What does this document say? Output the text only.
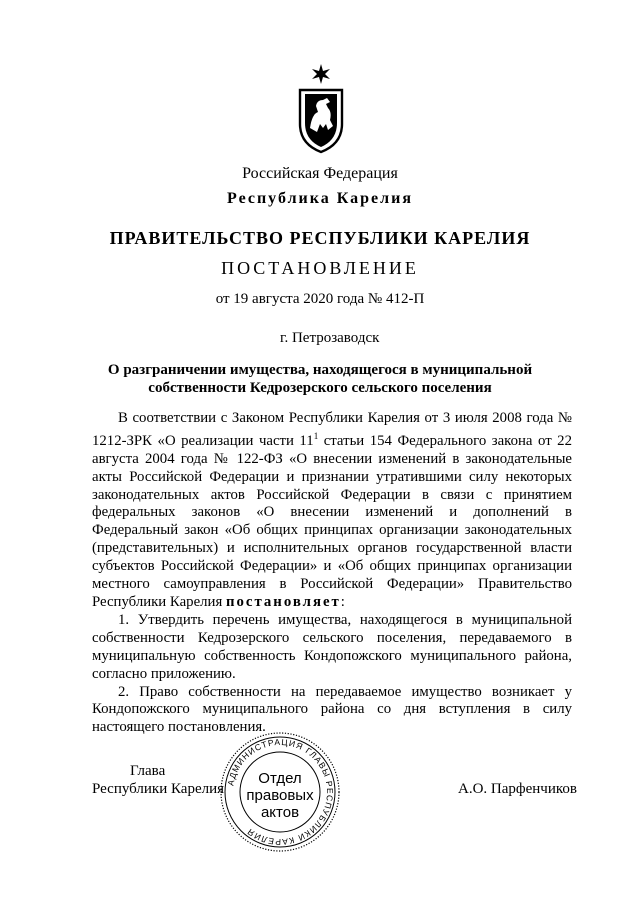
Российская Федерация
Республика Карелия
ПРАВИТЕЛЬСТВО РЕСПУБЛИКИ КАРЕЛИЯ
ПОСТАНОВЛЕНИЕ
от 19 августа 2020 года № 412-П
г. Петрозаводск
О разграничении имущества, находящегося в муниципальной
собственности Кедрозерского сельского поселения

В соответствии с Законом Республики Карелия от 3 июля 2008 года № 1212-ЗРК «О реализации части $11^1$ статьи 154 Федерального закона от 22 августа 2004 года № 122-ФЗ «О внесении изменений в законодательные акты Российской Федерации и признании утратившими силу некоторых законодательных актов Российской Федерации в связи с принятием федеральных законов «О внесении изменений и дополнений в Федеральный закон «Об общих принципах организации законодательных (представительных) и исполнительных органов государственной власти субъектов Российской Федерации» и «Об общих принципах организации местного самоуправления в Российской Федерации» Правительство Республики Карелия постановляет:

1. Утвердить перечень имущества, находящегося в муниципальной собственности Кедрозерского сельского поселения, передаваемого в муниципальную собственность Кондопожского муниципального района, согласно приложению.

2. Право собственности на передаваемое имущество возникает у Кондопожского муниципального района со дня вступления в силу настоящего постановления.

Глава
Республики Карелия	А.О. Парфенчиков
АДМИНИСТРАЦИЯ ГЛАВЫ РЕСПУБЛИКИ КАРЕЛИЯ
Отдел
правовых
актов
